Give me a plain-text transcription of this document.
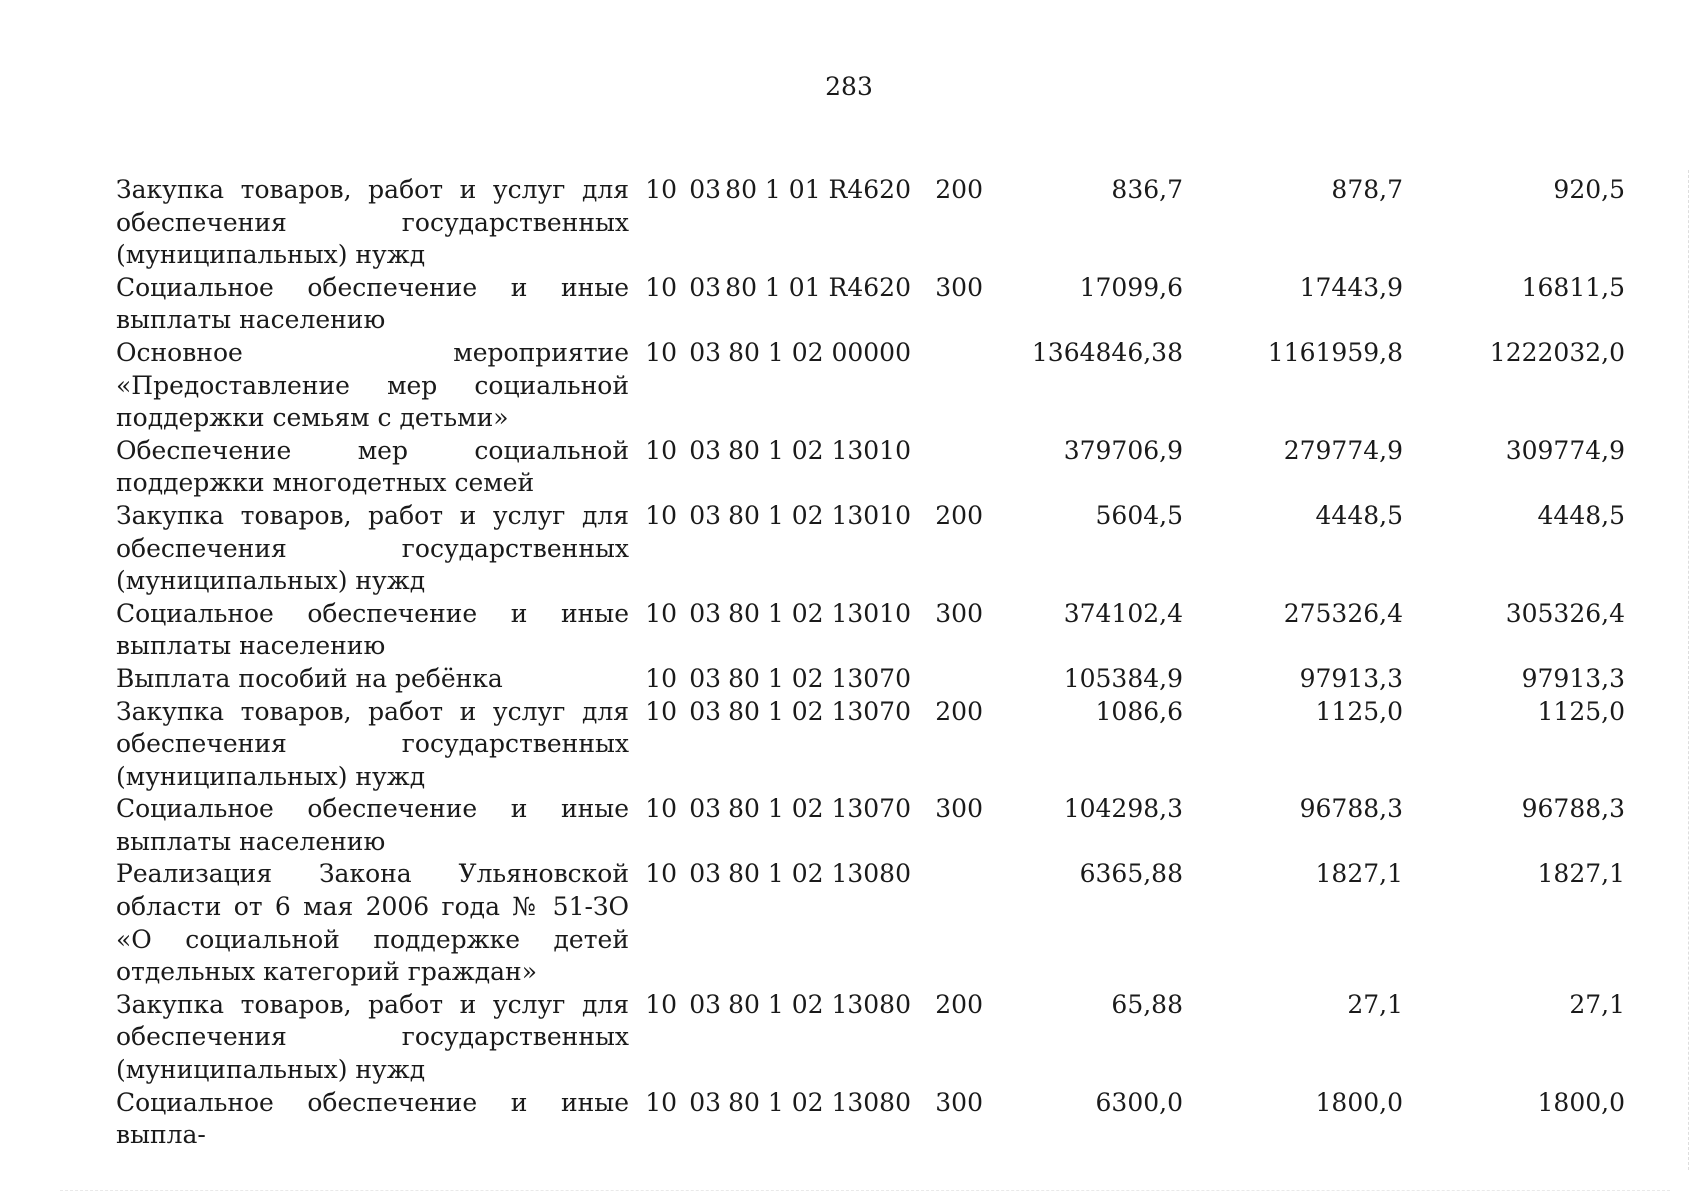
283
Закупка товаров, работ и услуг для обеспечения государственных (муниципальных) нужд	10	03	80 1 01 R4620	200	836,7	878,7	920,5
Социальное обеспечение и иные выплаты населению	10	03	80 1 01 R4620	300	17099,6	17443,9	16811,5
Основное мероприятие «Предоставление мер социальной поддержки семьям с детьми»	10	03	80 1 02 00000		1364846,38	1161959,8	1222032,0
Обеспечение мер социальной поддержки многодетных семей	10	03	80 1 02 13010		379706,9	279774,9	309774,9
Закупка товаров, работ и услуг для обеспечения государственных (муниципальных) нужд	10	03	80 1 02 13010	200	5604,5	4448,5	4448,5
Социальное обеспечение и иные выплаты населению	10	03	80 1 02 13010	300	374102,4	275326,4	305326,4
Выплата пособий на ребёнка	10	03	80 1 02 13070		105384,9	97913,3	97913,3
Закупка товаров, работ и услуг для обеспечения государственных (муниципальных) нужд	10	03	80 1 02 13070	200	1086,6	1125,0	1125,0
Социальное обеспечение и иные выплаты населению	10	03	80 1 02 13070	300	104298,3	96788,3	96788,3
Реализация Закона Ульяновской области от 6 мая 2006 года № 51-ЗО «О социальной поддержке детей отдельных категорий граждан»	10	03	80 1 02 13080		6365,88	1827,1	1827,1
Закупка товаров, работ и услуг для обеспечения государственных (муниципальных) нужд	10	03	80 1 02 13080	200	65,88	27,1	27,1
Социальное обеспечение и иные выпла-	10	03	80 1 02 13080	300	6300,0	1800,0	1800,0
